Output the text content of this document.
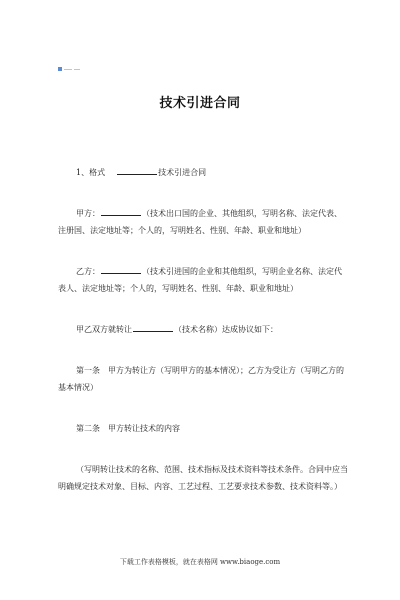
技术引进合同
1、格式	技术引进合同
甲方：	（技术出口国的企业、其他组织，写明名称、法定代表、
注册国、法定地址等；个人的，写明姓名、性别、年龄、职业和地址）
乙方：	（技术引进国的企业和其他组织，写明企业名称、法定代
表人、法定地址等；个人的，写明姓名、性别、年龄、职业和地址）
甲乙双方就转让	（技术名称）达成协议如下：
第一条　甲方为转让方（写明甲方的基本情况）；乙方为受让方（写明乙方的
基本情况）
第二条　甲方转让技术的内容
（写明转让技术的名称、范围、技术指标及技术资料等技术条件。合同中应当
明确规定技术对象、目标、内容、工艺过程、工艺要求技术参数、技术资料等。）
下载工作表格模板，就在表格网 www.biaoge.com
